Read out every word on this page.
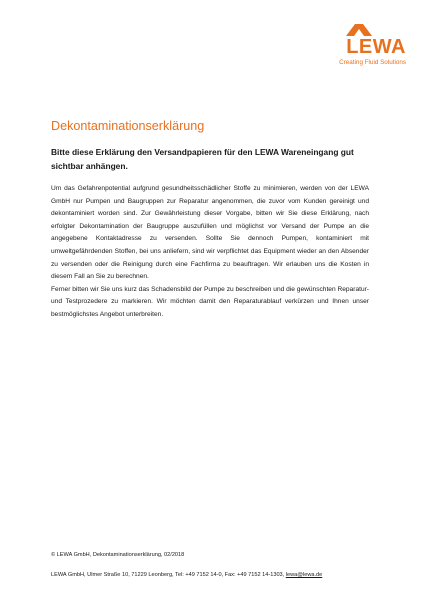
LEWA
Creating Fluid Solutions
Dekontaminationserklärung

Bitte diese Erklärung den Versandpapieren für den LEWA Wareneingang gut sichtbar anhängen.

Um das Gefahrenpotential aufgrund gesundheitsschädlicher Stoffe zu minimieren, werden von der LEWA GmbH nur Pumpen und Baugruppen zur Reparatur angenommen, die zuvor vom Kunden gereinigt und dekontaminiert worden sind. Zur Gewährleistung dieser Vorgabe, bitten wir Sie diese Erklärung, nach erfolgter Dekontamination der Baugruppe auszufüllen und möglichst vor Versand der Pumpe an die angegebene Kontaktadresse zu versenden. Sollte Sie dennoch Pumpen, kontaminiert mit umweltgefährdenden Stoffen, bei uns anliefern, sind wir verpflichtet das Equipment wieder an den Absender zu versenden oder die Reinigung durch eine Fachfirma zu beauftragen. Wir erlauben uns die Kosten in diesem Fall an Sie zu berechnen.

Ferner bitten wir Sie uns kurz das Schadensbild der Pumpe zu beschreiben und die gewünschten Reparatur- und Testprozedere zu markieren. Wir möchten damit den Reparaturablauf verkürzen und Ihnen unser bestmöglichstes Angebot unterbreiten.

© LEWA GmbH, Dekontaminationserklärung, 02/2018
LEWA GmbH, Ulmer Straße 10, 71229 Leonberg, Tel: +49 7152 14-0, Fax: +49 7152 14-1303, lewa@lewa.de
